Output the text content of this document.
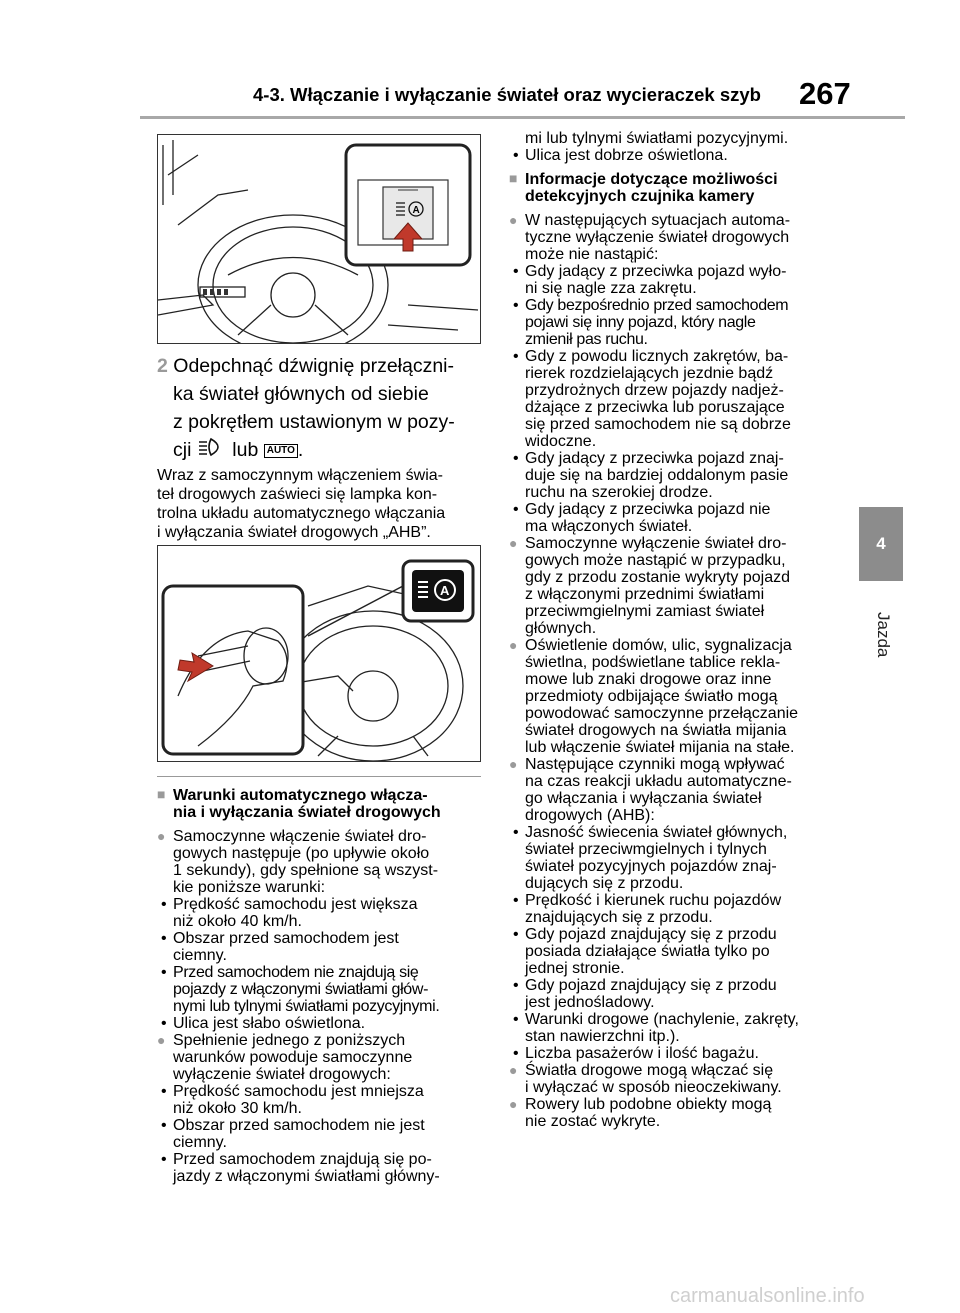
4-3. Włączanie i wyłączanie świateł oraz wycieraczek szyb 267
4
Jazda
A
2 Odepchnąć dźwignię przełączni-
ka świateł głównych od siebie
z pokrętłem ustawionym w pozy-
cji lub AUTO .
Wraz z samoczynnym włączeniem świa-
teł drogowych zaświeci się lampka kon-
trolna układu automatycznego włączania
i wyłączania świateł drogowych „AHB”.
A
■ Warunki automatycznego włącza-
nia i wyłączania świateł drogowych
● Samoczynne włączenie świateł dro-
gowych następuje (po upływie około
1 sekundy), gdy spełnione są wszyst-
kie poniższe warunki:
• Prędkość samochodu jest większa
niż około 40 km/h.
• Obszar przed samochodem jest
ciemny.
• Przed samochodem nie znajdują się
pojazdy z włączonymi światłami głów-
nymi lub tylnymi światłami pozycyjnymi.
• Ulica jest słabo oświetlona.
● Spełnienie jednego z poniższych
warunków powoduje samoczynne
wyłączenie świateł drogowych:
• Prędkość samochodu jest mniejsza
niż około 30 km/h.
• Obszar przed samochodem nie jest
ciemny.
• Przed samochodem znajdują się po-
jazdy z włączonymi światłami główny-
mi lub tylnymi światłami pozycyjnymi.
• Ulica jest dobrze oświetlona.
■ Informacje dotyczące możliwości
detekcyjnych czujnika kamery
● W następujących sytuacjach automa-
tyczne wyłączenie świateł drogowych
może nie nastąpić:
• Gdy jadący z przeciwka pojazd wyło-
ni się nagle zza zakrętu.
• Gdy bezpośrednio przed samochodem
pojawi się inny pojazd, który nagle
zmienił pas ruchu.
• Gdy z powodu licznych zakrętów, ba-
rierek rozdzielających jezdnie bądź
przydrożnych drzew pojazdy nadjeż-
dżające z przeciwka lub poruszające
się przed samochodem nie są dobrze
widoczne.
• Gdy jadący z przeciwka pojazd znaj-
duje się na bardziej oddalonym pasie
ruchu na szerokiej drodze.
• Gdy jadący z przeciwka pojazd nie
ma włączonych świateł.
● Samoczynne wyłączenie świateł dro-
gowych może nastąpić w przypadku,
gdy z przodu zostanie wykryty pojazd
z włączonymi przednimi światłami
przeciwmgielnymi zamiast świateł
głównych.
● Oświetlenie domów, ulic, sygnalizacja
świetlna, podświetlane tablice rekla-
mowe lub znaki drogowe oraz inne
przedmioty odbijające światło mogą
powodować samoczynne przełączanie
świateł drogowych na światła mijania
lub włączenie świateł mijania na stałe.
● Następujące czynniki mogą wpływać
na czas reakcji układu automatyczne-
go włączania i wyłączania świateł
drogowych (AHB):
• Jasność świecenia świateł głównych,
świateł przeciwmgielnych i tylnych
świateł pozycyjnych pojazdów znaj-
dujących się z przodu.
• Prędkość i kierunek ruchu pojazdów
znajdujących się z przodu.
• Gdy pojazd znajdujący się z przodu
posiada działające światła tylko po
jednej stronie.
• Gdy pojazd znajdujący się z przodu
jest jednośladowy.
• Warunki drogowe (nachylenie, zakręty,
stan nawierzchni itp.).
• Liczba pasażerów i ilość bagażu.
● Światła drogowe mogą włączać się
i wyłączać w sposób nieoczekiwany.
● Rowery lub podobne obiekty mogą
nie zostać wykryte.
carmanualsonline.info
